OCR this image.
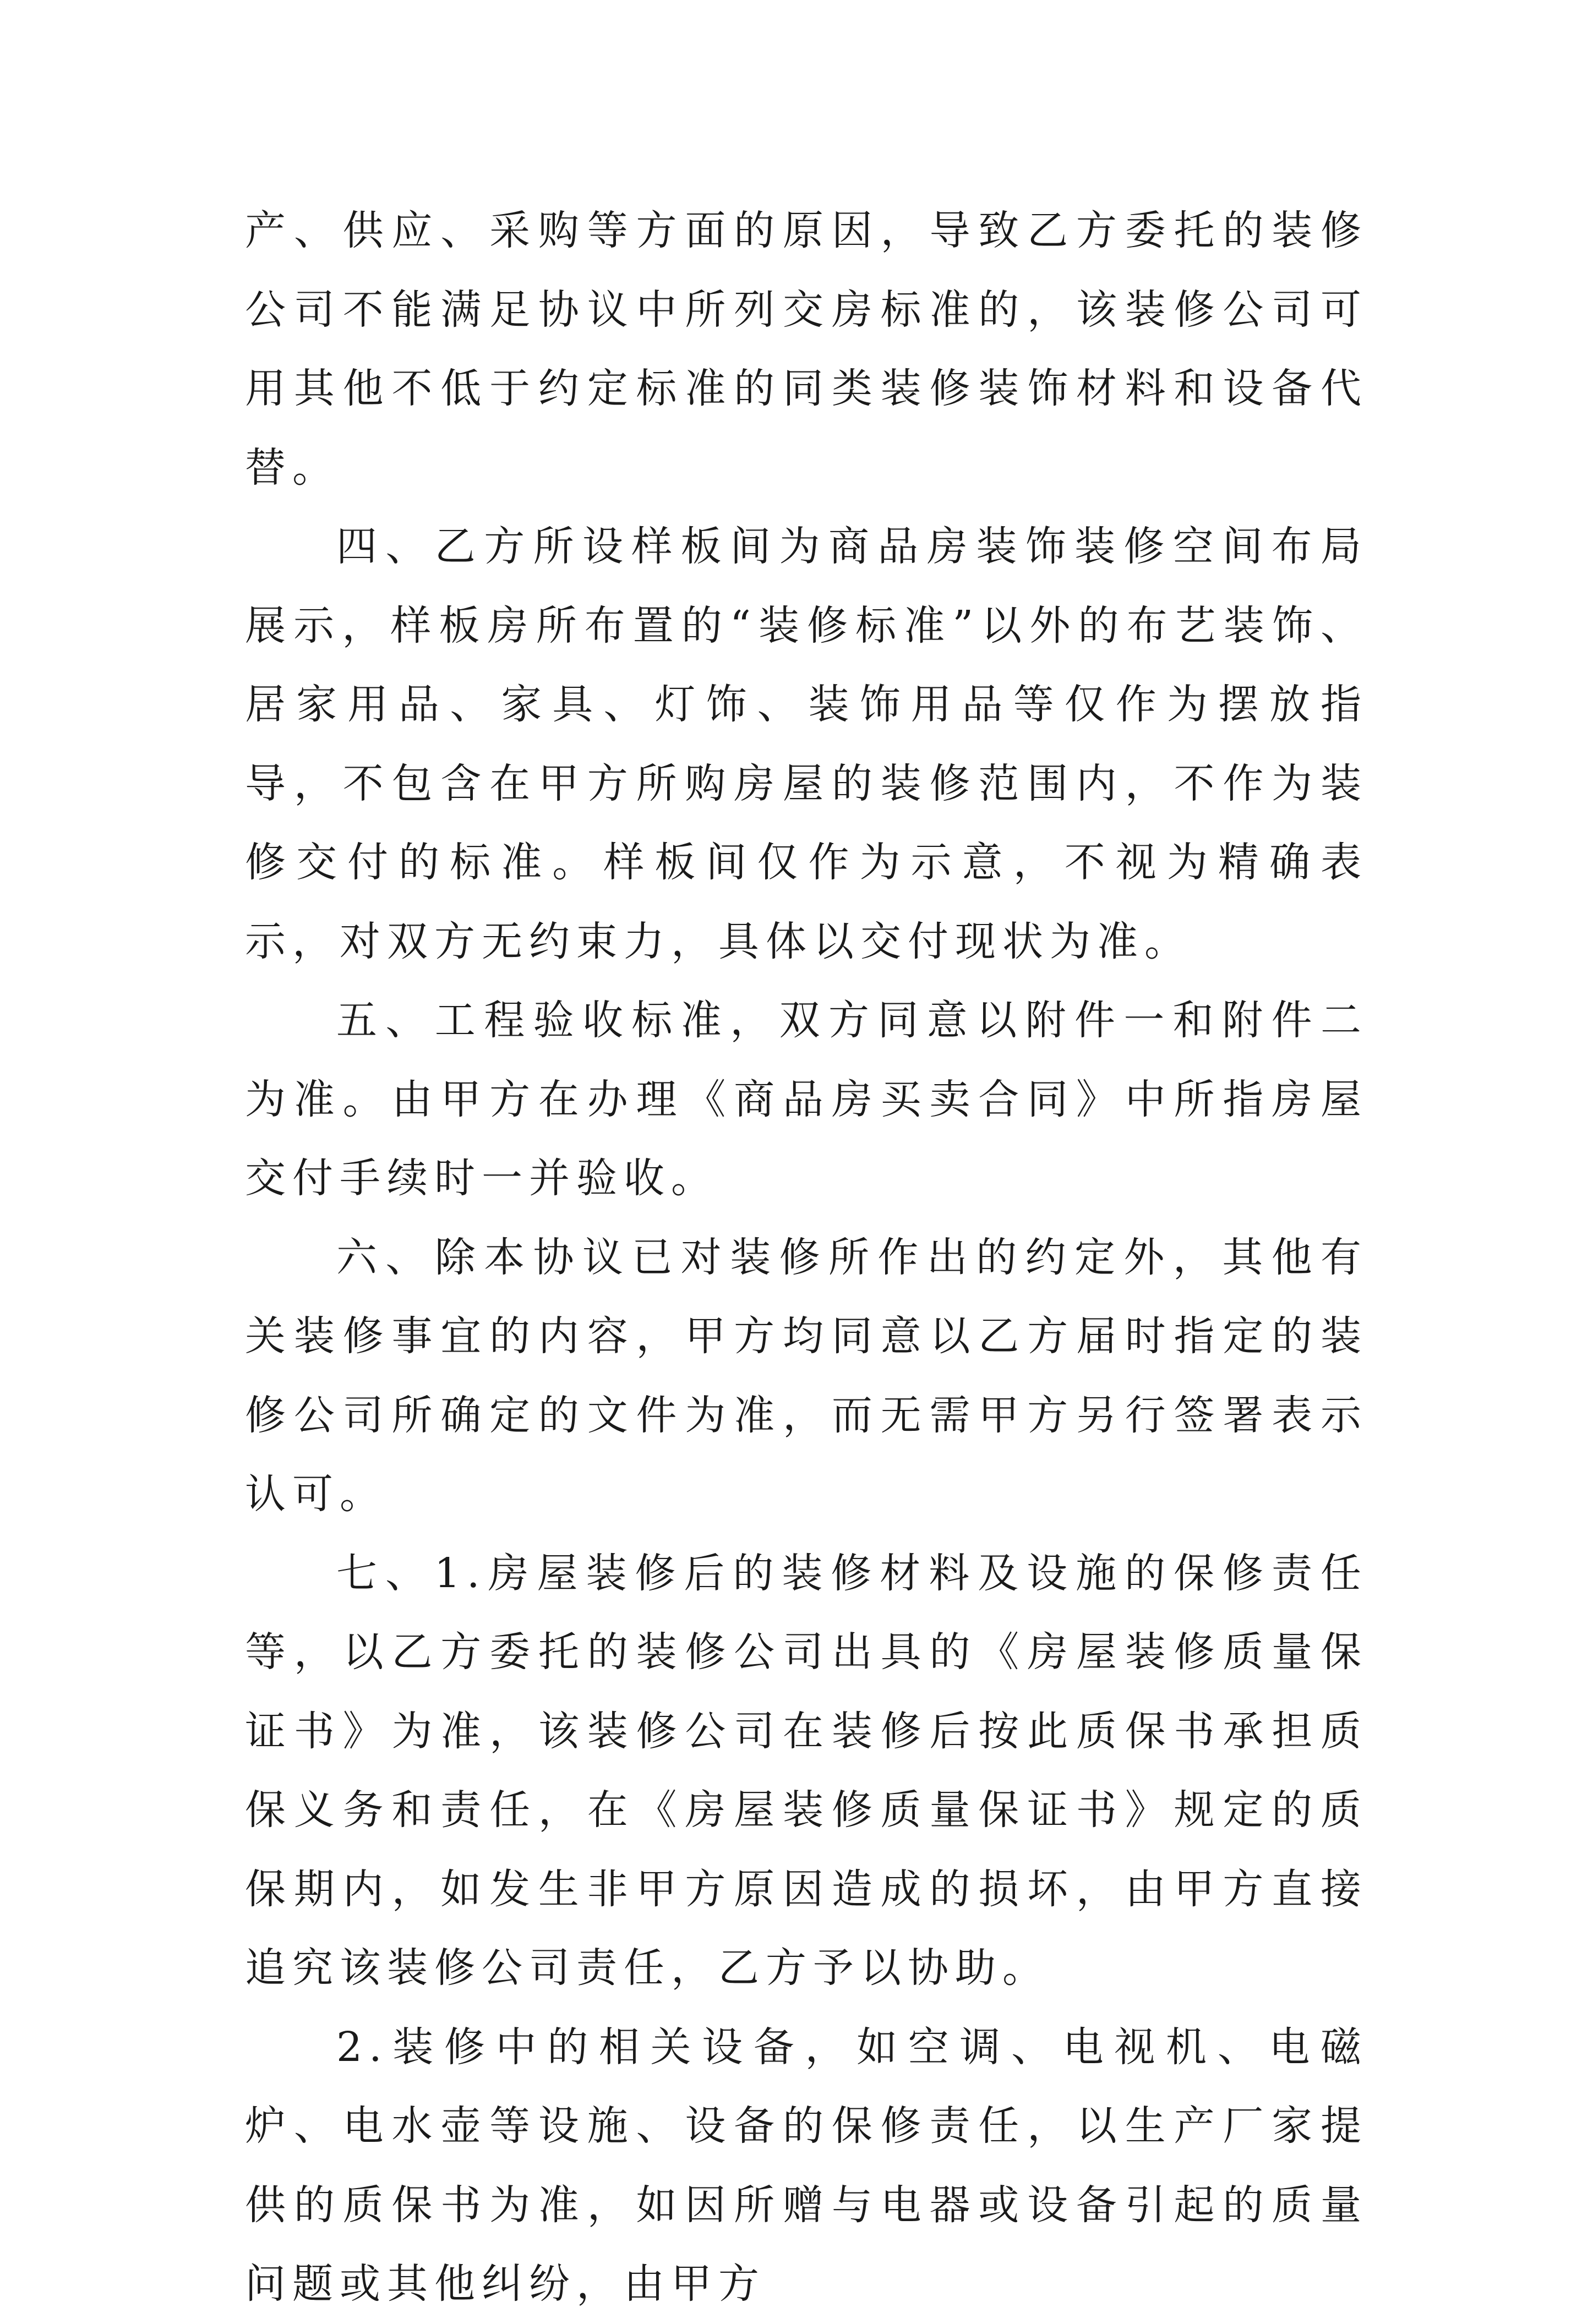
产、供应、采购等方面的原因，导致乙方委托的装修公司不能满足协议中所列交房标准的，该装修公司可用其他不低于约定标准的同类装修装饰材料和设备代替。

四、乙方所设样板间为商品房装饰装修空间布局展示，样板房所布置的“装修标准”以外的布艺装饰、居家用品、家具、灯饰、装饰用品等仅作为摆放指导，不包含在甲方所购房屋的装修范围内，不作为装修交付的标准。样板间仅作为示意，不视为精确表示，对双方无约束力，具体以交付现状为准。

五、工程验收标准，双方同意以附件一和附件二为准。由甲方在办理《商品房买卖合同》中所指房屋交付手续时一并验收。

六、除本协议已对装修所作出的约定外，其他有关装修事宜的内容，甲方均同意以乙方届时指定的装修公司所确定的文件为准，而无需甲方另行签署表示认可。

七、1.房屋装修后的装修材料及设施的保修责任等，以乙方委托的装修公司出具的《房屋装修质量保证书》为准，该装修公司在装修后按此质保书承担质保义务和责任，在《房屋装修质量保证书》规定的质保期内，如发生非甲方原因造成的损坏，由甲方直接追究该装修公司责任，乙方予以协助。

2.装修中的相关设备，如空调、电视机、电磁炉、电水壶等设施、设备的保修责任，以生产厂家提供的质保书为准，如因所赠与电器或设备引起的质量问题或其他纠纷，由甲方
